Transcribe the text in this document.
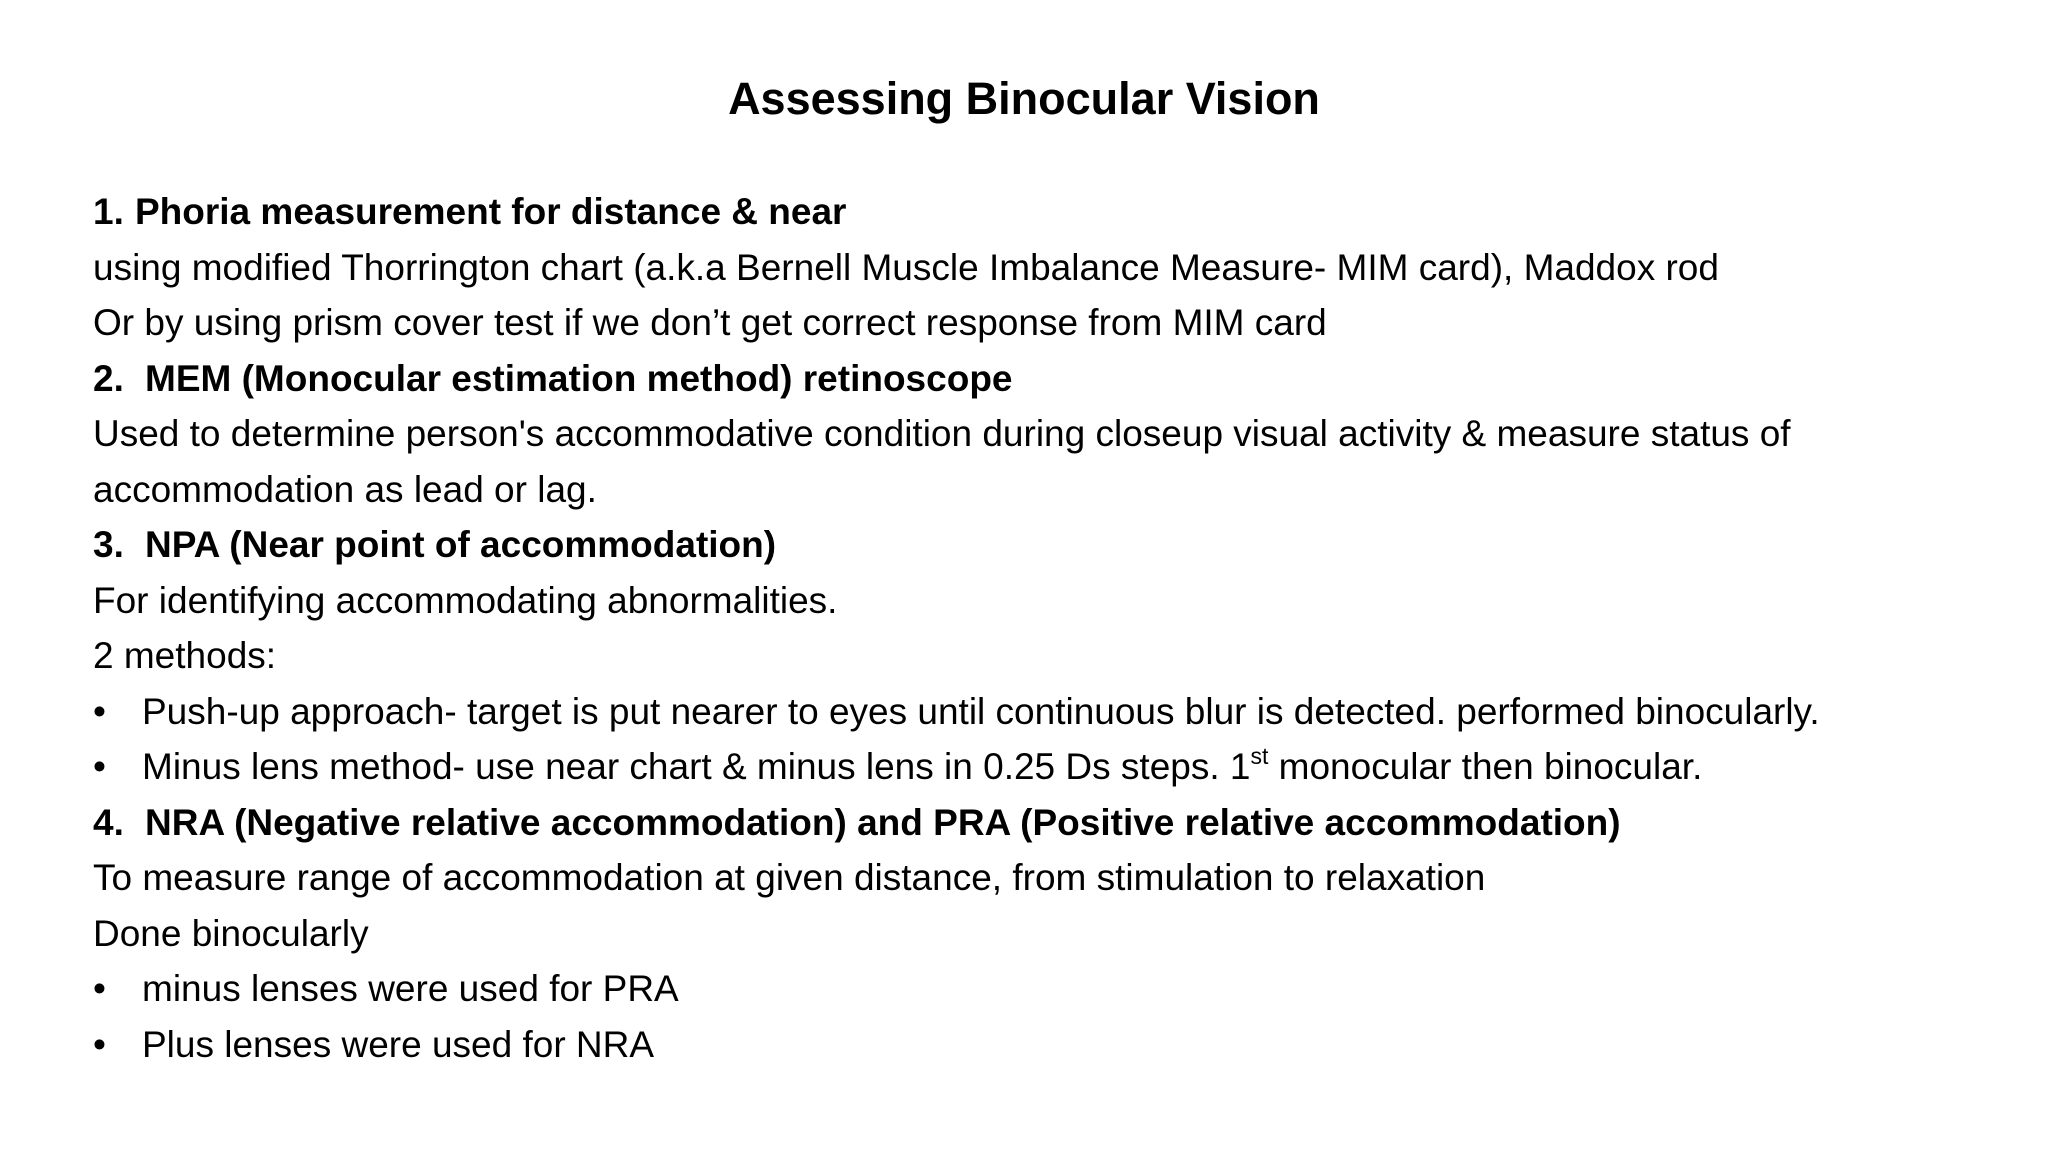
Assessing Binocular Vision
1. Phoria measurement for distance & near
using modified Thorrington chart (a.k.a Bernell Muscle Imbalance Measure- MIM card), Maddox rod
Or by using prism cover test if we don’t get correct response from MIM card
2. MEM (Monocular estimation method) retinoscope
Used to determine person's accommodative condition during closeup visual activity & measure status of
accommodation as lead or lag.
3. NPA (Near point of accommodation)
For identifying accommodating abnormalities.
2 methods:
• Push-up approach- target is put nearer to eyes until continuous blur is detected. performed binocularly.
• Minus lens method- use near chart & minus lens in 0.25 Ds steps. 1st monocular then binocular.
4. NRA (Negative relative accommodation) and PRA (Positive relative accommodation)
To measure range of accommodation at given distance, from stimulation to relaxation
Done binocularly
• minus lenses were used for PRA
• Plus lenses were used for NRA
